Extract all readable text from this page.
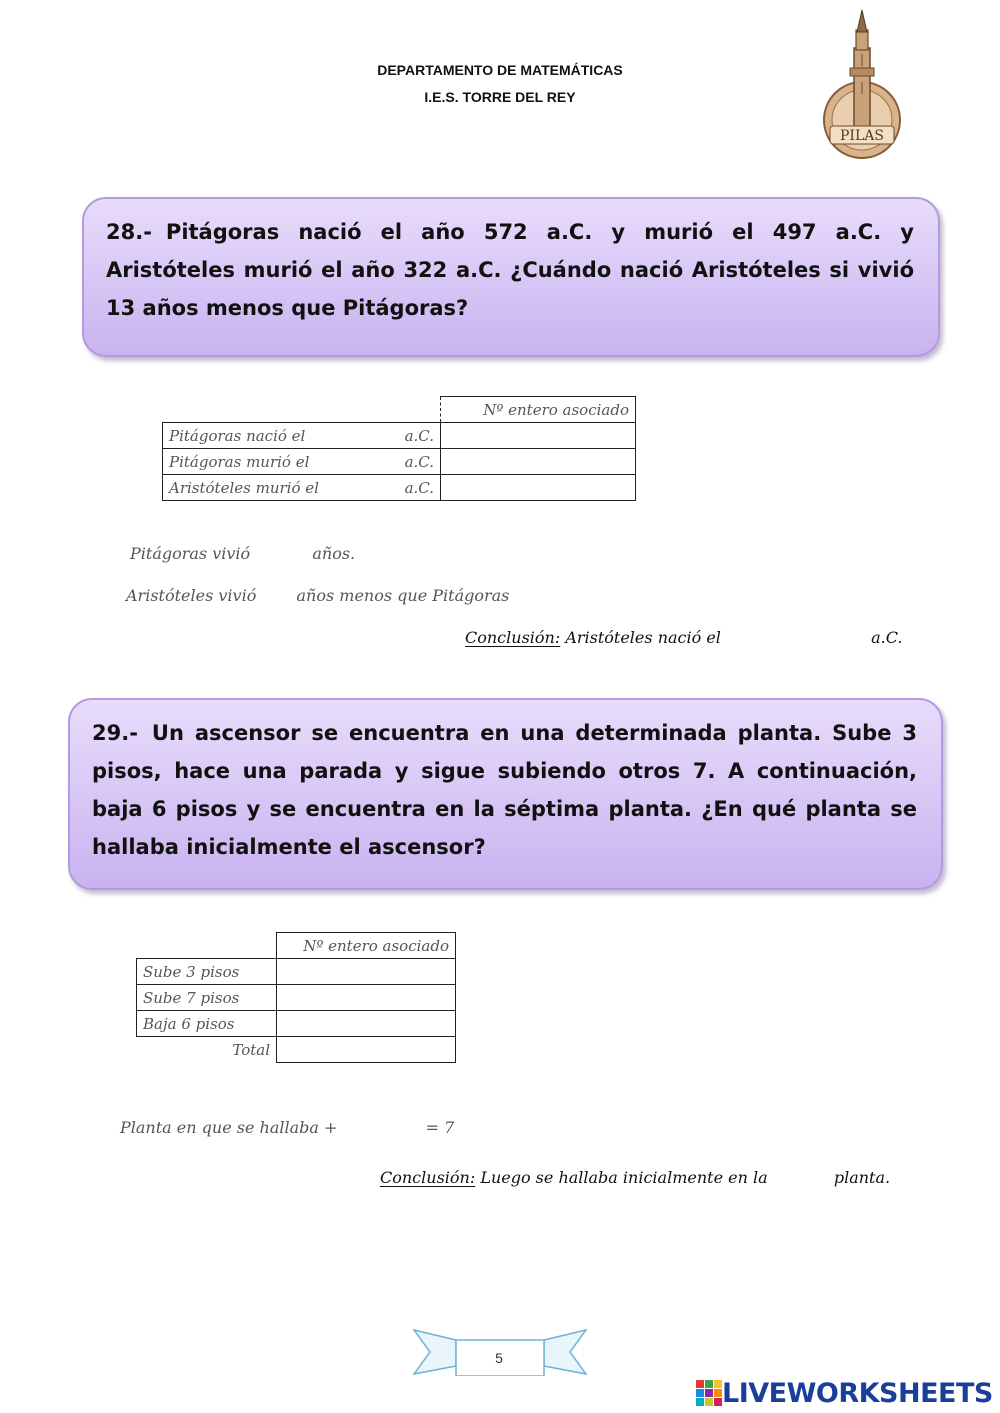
DEPARTAMENTO DE MATEMÁTICAS
I.E.S. TORRE DEL REY
PILAS
28.- Pitágoras nació el año 572 a.C. y murió el 497 a.C. y Aristóteles murió el año 322 a.C. ¿Cuándo nació Aristóteles si vivió 13 años menos que Pitágoras?
	Nº entero asociado

Pitágoras nació el a.C.	

Pitágoras murió el a.C.	

Aristóteles murió el a.C.	

Pitágoras vivió	años.
Aristóteles vivió	años menos que Pitágoras
Conclusión: Aristóteles nació el	a.C.
29.- Un ascensor se encuentra en una determinada planta. Sube 3 pisos, hace una parada y sigue subiendo otros 7. A continuación, baja 6 pisos y se encuentra en la séptima planta. ¿En qué planta se hallaba inicialmente el ascensor?
	Nº entero asociado
Sube 3 pisos	
Sube 7 pisos	
Baja 6 pisos	
Total	
Planta en que se hallaba +	= 7
Conclusión: Luego se hallaba inicialmente en la	planta.
5
LIVEWORKSHEETS
